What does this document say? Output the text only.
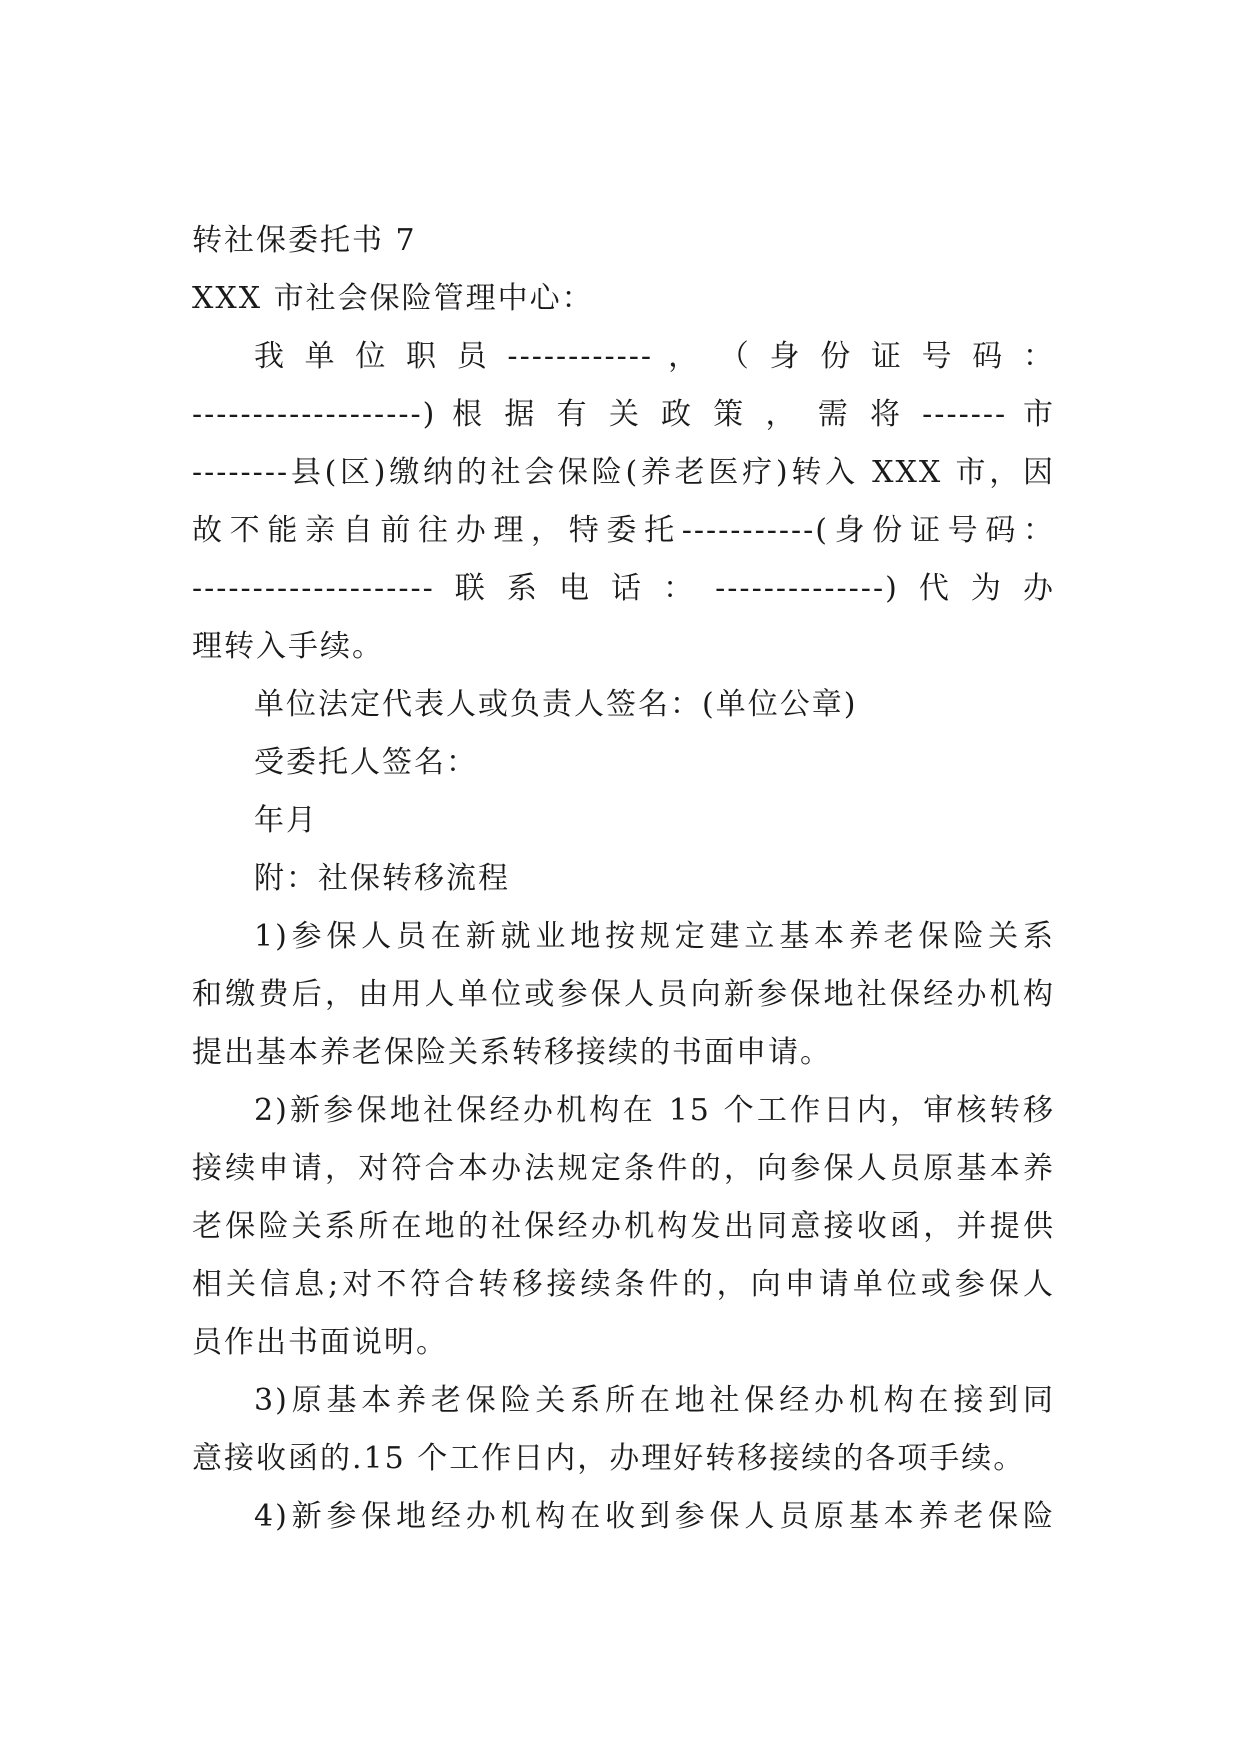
转社保委托书 7
XXX 市社会保险管理中心：
我 单 位 职 员 ------------ ， （ 身 份 证 号 码 ：
-------------------) 根 据 有 关 政 策 ， 需 将 ------- 市
--------县(区)缴纳的社会保险(养老医疗)转入 XXX 市，因
故不能亲自前往办理，特委托-----------(身份证号码：
--------------------联系电话：--------------)代为办
理转入手续。
单位法定代表人或负责人签名：(单位公章)
受委托人签名：
年月
附：社保转移流程
1)参保人员在新就业地按规定建立基本养老保险关系
和缴费后，由用人单位或参保人员向新参保地社保经办机构
提出基本养老保险关系转移接续的书面申请。
2)新参保地社保经办机构在 15 个工作日内，审核转移
接续申请，对符合本办法规定条件的，向参保人员原基本养
老保险关系所在地的社保经办机构发出同意接收函，并提供
相关信息;对不符合转移接续条件的，向申请单位或参保人
员作出书面说明。
3)原基本养老保险关系所在地社保经办机构在接到同
意接收函的.15 个工作日内，办理好转移接续的各项手续。
4)新参保地经办机构在收到参保人员原基本养老保险
